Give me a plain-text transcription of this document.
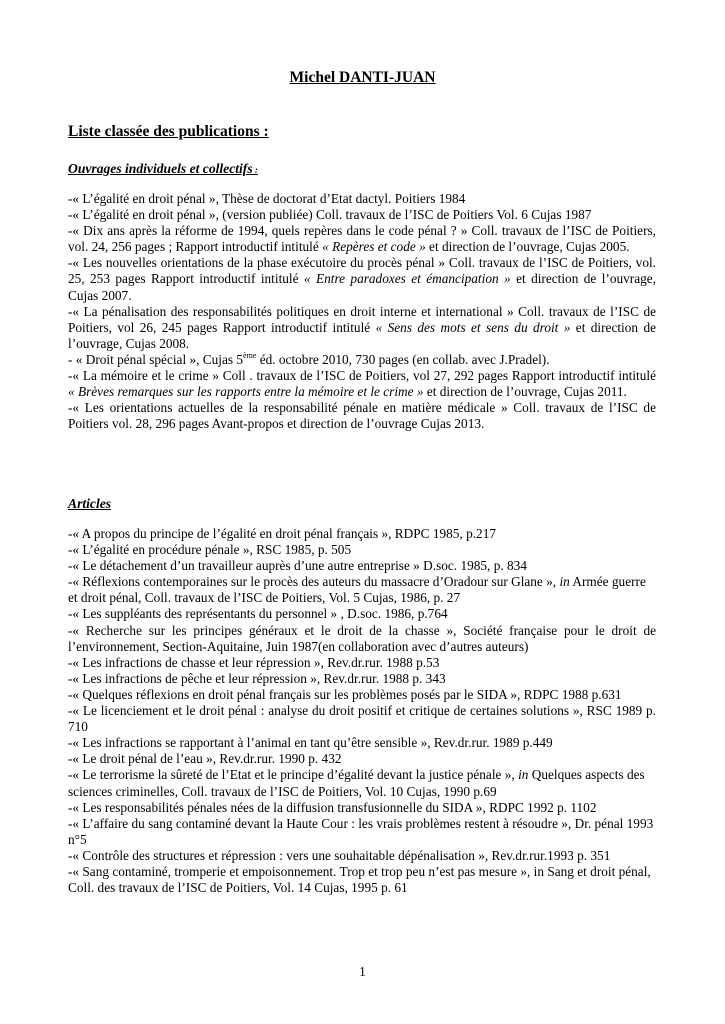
Michel DANTI-JUAN
Liste classée des publications :
Ouvrages individuels et collectifs :
-« L’égalité en droit pénal », Thèse de doctorat d’Etat dactyl. Poitiers 1984
-« L’égalité en droit pénal », (version publiée) Coll. travaux de l’ISC de Poitiers Vol. 6 Cujas 1987
-« Dix ans après la réforme de 1994, quels repères dans le code pénal ? » Coll. travaux de l’ISC de Poitiers, vol. 24, 256 pages ; Rapport introductif intitulé « Repères et code » et direction de l’ouvrage, Cujas 2005.
-« Les nouvelles orientations de la phase exécutoire du procès pénal » Coll. travaux de l’ISC de Poitiers, vol. 25, 253 pages Rapport introductif intitulé « Entre paradoxes et émancipation » et direction de l’ouvrage, Cujas 2007.
-« La pénalisation des responsabilités politiques en droit interne et international » Coll. travaux de l’ISC de Poitiers, vol 26, 245 pages Rapport introductif intitulé « Sens des mots et sens du droit » et direction de l’ouvrage, Cujas 2008.
- « Droit pénal spécial », Cujas 5ème éd. octobre 2010, 730 pages (en collab. avec J.Pradel).
-« La mémoire et le crime » Coll . travaux de l’ISC de Poitiers, vol 27, 292 pages Rapport introductif intitulé « Brèves remarques sur les rapports entre la mémoire et le crime » et direction de l’ouvrage, Cujas 2011.
-« Les orientations actuelles de la responsabilité pénale en matière médicale » Coll. travaux de l’ISC de Poitiers vol. 28, 296 pages Avant-propos et direction de l’ouvrage Cujas 2013.
Articles
-« A propos du principe de l’égalité en droit pénal français », RDPC 1985, p.217
-« L’égalité en procédure pénale », RSC 1985, p. 505
-« Le détachement d’un travailleur auprès d’une autre entreprise » D.soc. 1985, p. 834
-« Réflexions contemporaines sur le procès des auteurs du massacre d’Oradour sur Glane », in Armée guerre et droit pénal, Coll. travaux de l’ISC de Poitiers, Vol. 5 Cujas, 1986, p. 27
-« Les suppléants des représentants du personnel » , D.soc. 1986, p.764
-« Recherche sur les principes généraux et le droit de la chasse », Société française pour le droit de l’environnement, Section-Aquitaine, Juin 1987(en collaboration avec d’autres auteurs)
-« Les infractions de chasse et leur répression », Rev.dr.rur. 1988 p.53
-« Les infractions de pêche et leur répression », Rev.dr.rur. 1988 p. 343
-« Quelques réflexions en droit pénal français sur les problèmes posés par le SIDA », RDPC 1988 p.631
-« Le licenciement et le droit pénal : analyse du droit positif et critique de certaines solutions », RSC 1989 p. 710
-« Les infractions se rapportant à l’animal en tant qu’être sensible », Rev.dr.rur. 1989 p.449
-« Le droit pénal de l’eau », Rev.dr.rur. 1990 p. 432
-« Le terrorisme la sûreté de l’Etat et le principe d’égalité devant la justice pénale », in Quelques aspects des sciences criminelles, Coll. travaux de l’ISC de Poitiers, Vol. 10 Cujas, 1990 p.69
-« Les responsabilités pénales nées de la diffusion transfusionnelle du SIDA », RDPC 1992 p. 1102
-« L’affaire du sang contaminé devant la Haute Cour : les vrais problèmes restent à résoudre », Dr. pénal 1993 n°5
-« Contrôle des structures et répression : vers une souhaitable dépénalisation », Rev.dr.rur.1993 p. 351
-« Sang contaminé, tromperie et empoisonnement. Trop et trop peu n’est pas mesure », in Sang et droit pénal, Coll. des travaux de l’ISC de Poitiers, Vol. 14 Cujas, 1995 p. 61
1
